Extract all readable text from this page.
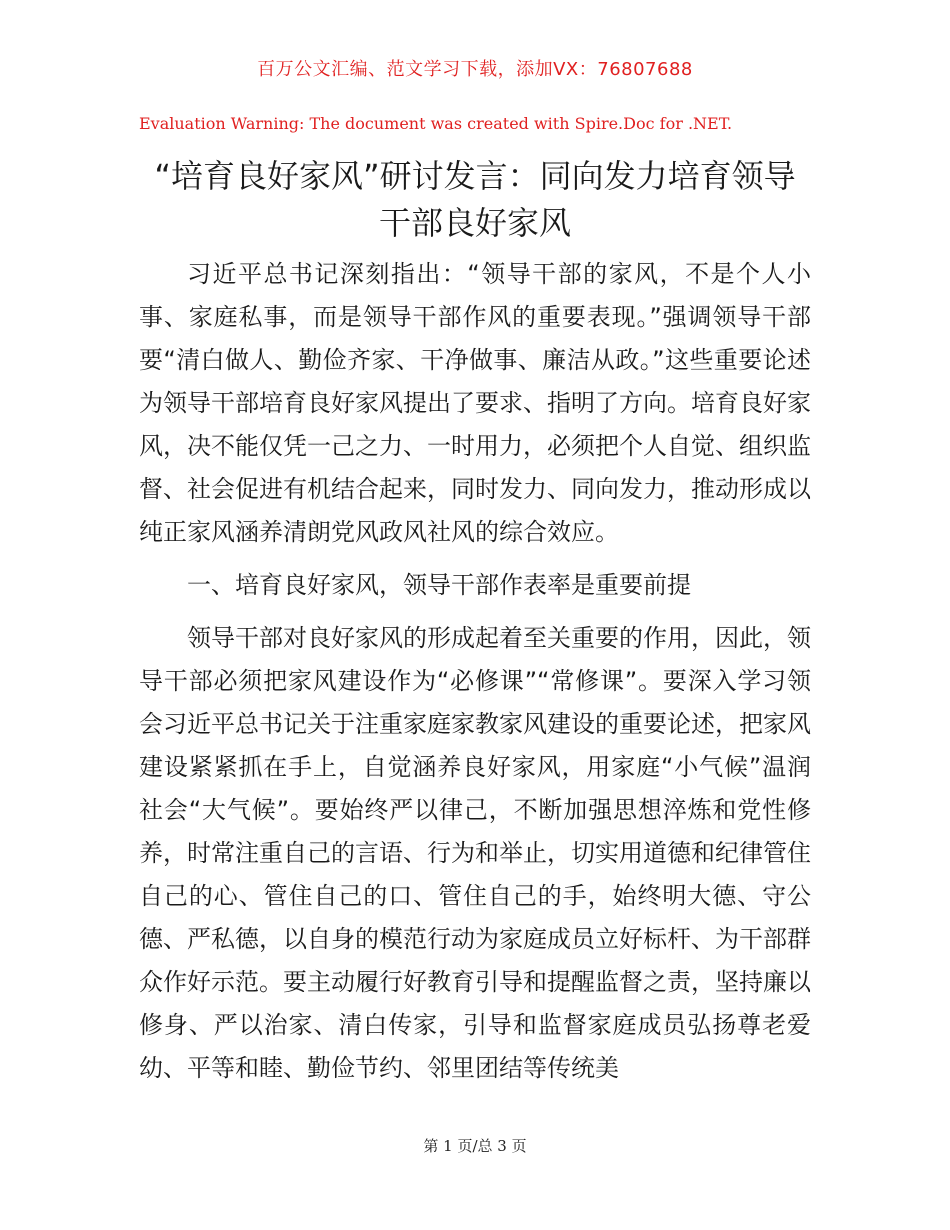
百万公文汇编、范文学习下载，添加VX：76807688
Evaluation Warning: The document was created with Spire.Doc for .NET.
“培育良好家风”研讨发言：同向发力培育领导干部良好家风

习近平总书记深刻指出：“领导干部的家风，不是个人小事、家庭私事，而是领导干部作风的重要表现。”强调领导干部要“清白做人、勤俭齐家、干净做事、廉洁从政。”这些重要论述为领导干部培育良好家风提出了要求、指明了方向。培育良好家风，决不能仅凭一己之力、一时用力，必须把个人自觉、组织监督、社会促进有机结合起来，同时发力、同向发力，推动形成以纯正家风涵养清朗党风政风社风的综合效应。

一、培育良好家风，领导干部作表率是重要前提

领导干部对良好家风的形成起着至关重要的作用，因此，领导干部必须把家风建设作为“必修课”“常修课”。要深入学习领会习近平总书记关于注重家庭家教家风建设的重要论述，把家风建设紧紧抓在手上，自觉涵养良好家风，用家庭“小气候”温润社会“大气候”。要始终严以律己，不断加强思想淬炼和党性修养，时常注重自己的言语、行为和举止，切实用道德和纪律管住自己的心、管住自己的口、管住自己的手，始终明大德、守公德、严私德，以自身的模范行动为家庭成员立好标杆、为干部群众作好示范。要主动履行好教育引导和提醒监督之责，坚持廉以修身、严以治家、清白传家，引导和监督家庭成员弘扬尊老爱幼、平等和睦、勤俭节约、邻里团结等传统美

第 1 页/总 3 页
